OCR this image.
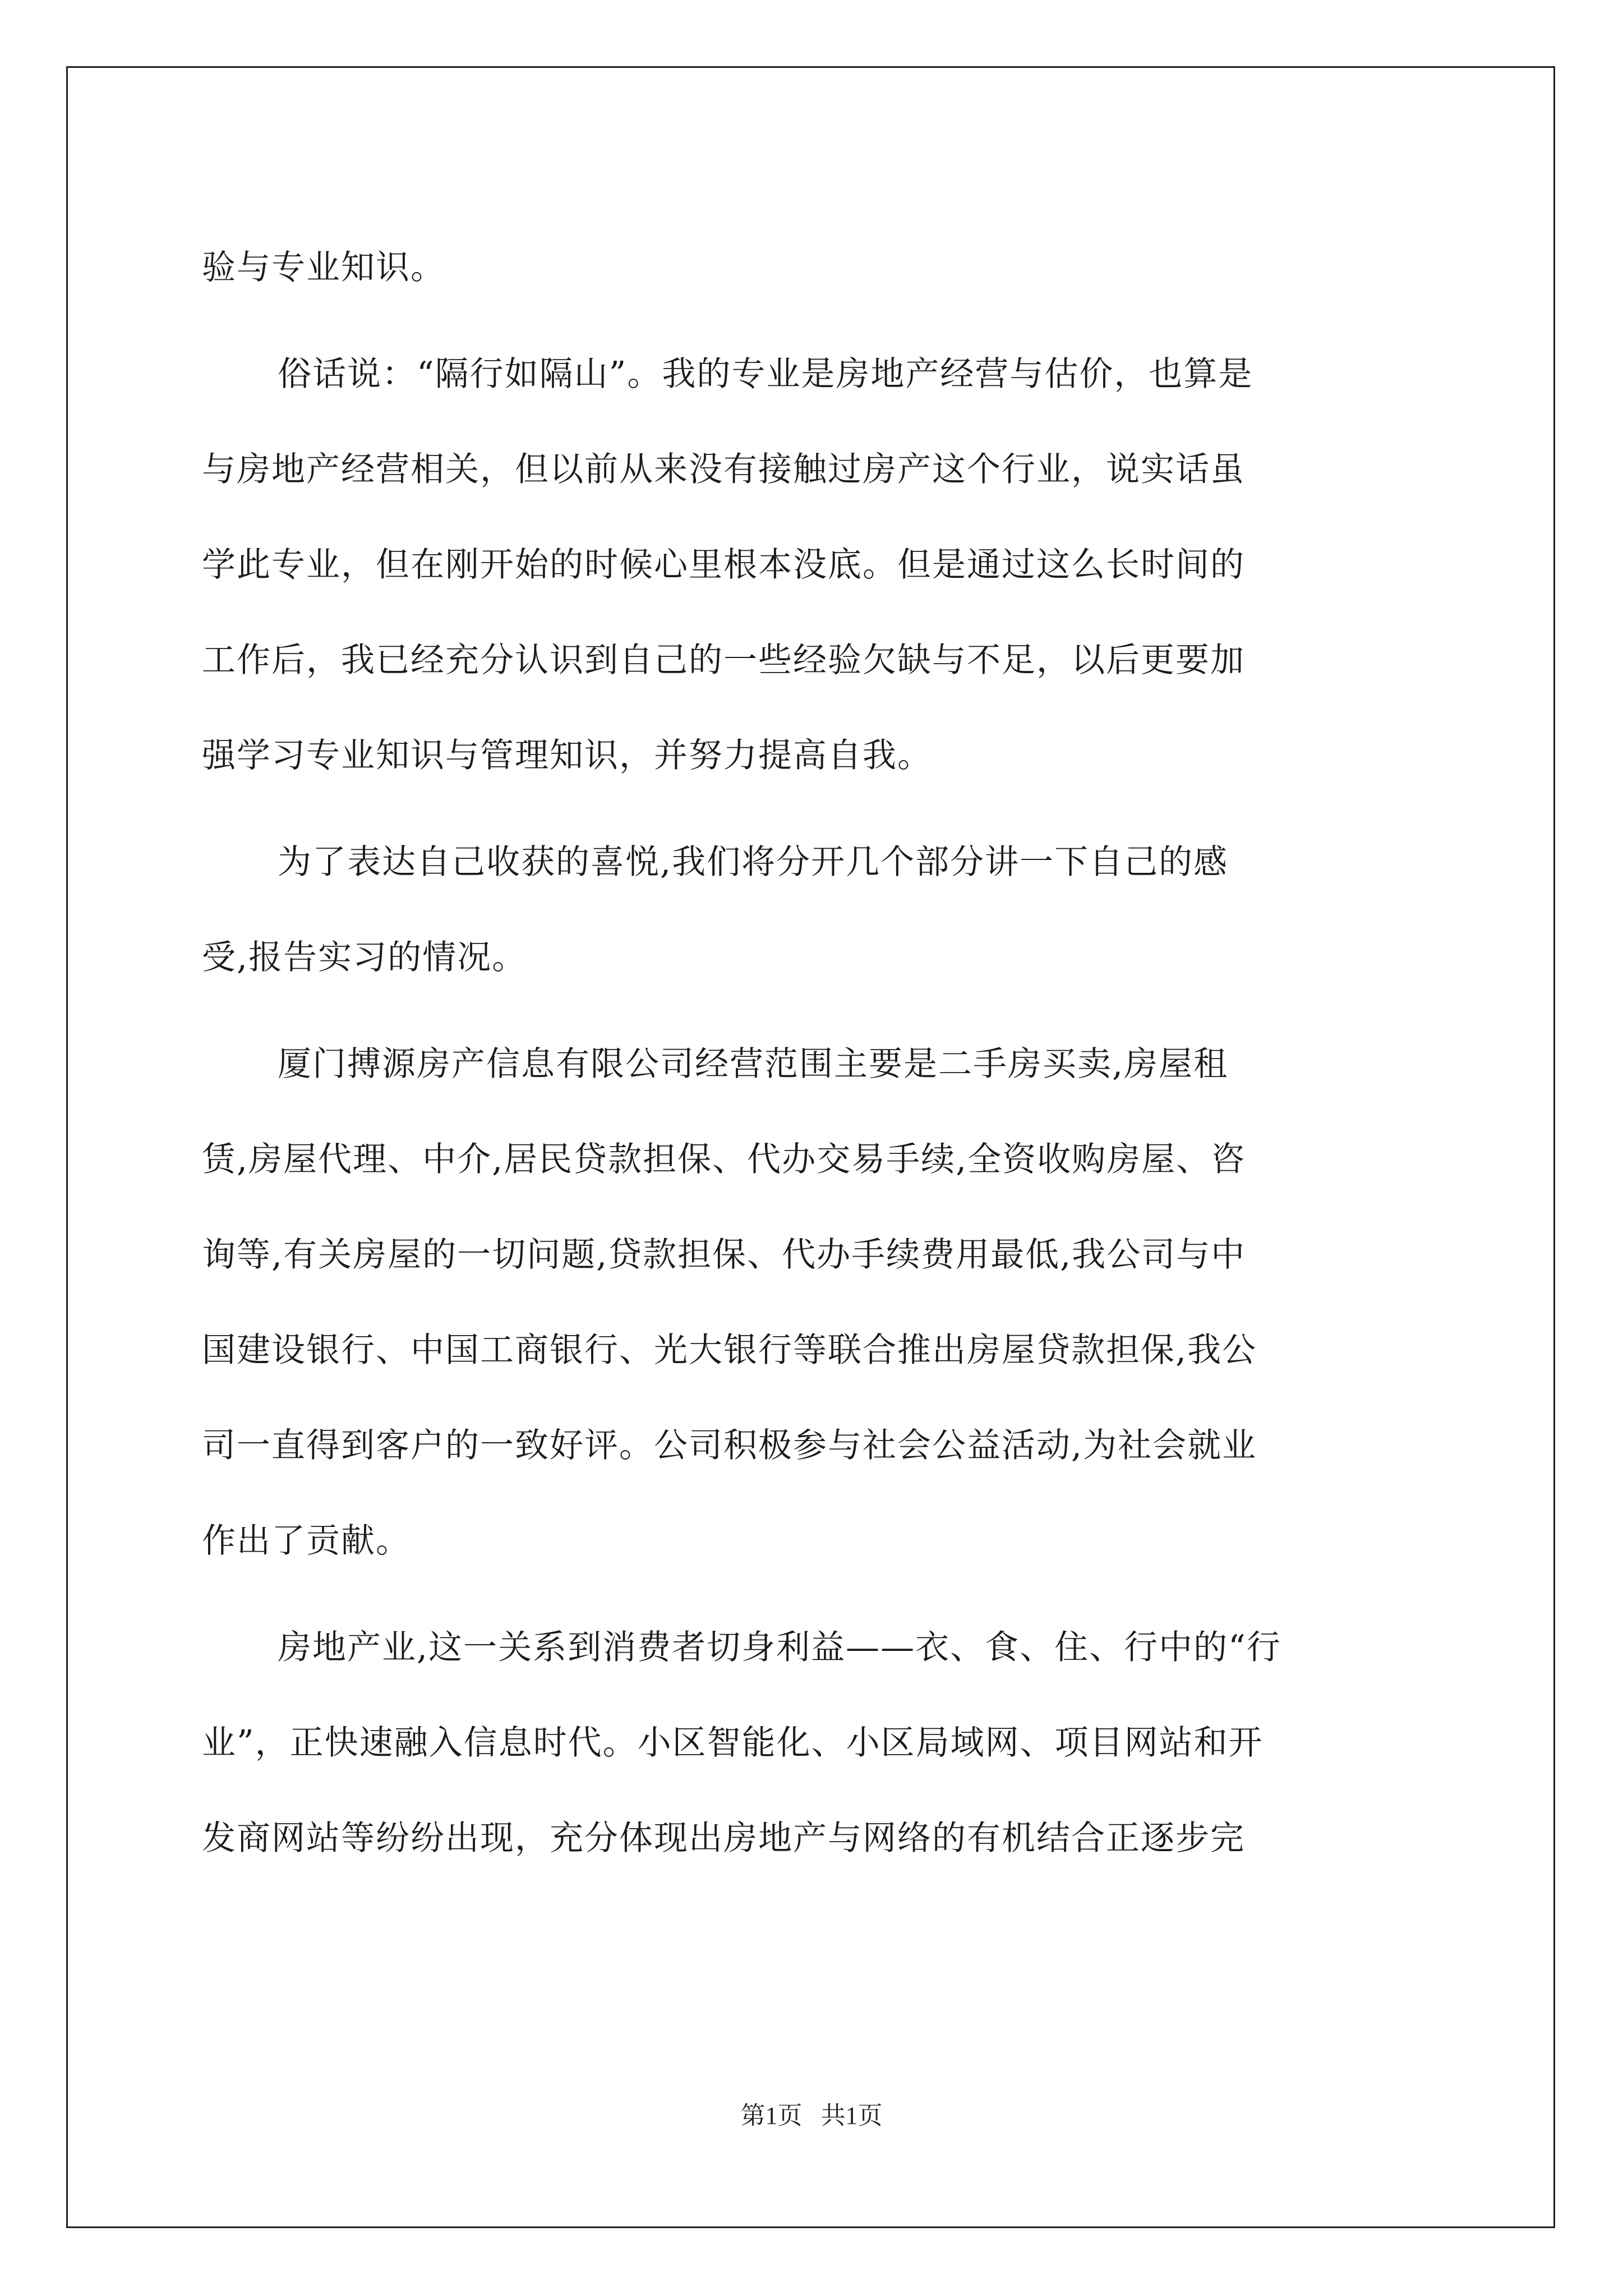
验与专业知识。
俗话说：“隔行如隔山”。我的专业是房地产经营与估价，也算是
与房地产经营相关，但以前从来没有接触过房产这个行业，说实话虽
学此专业，但在刚开始的时候心里根本没底。但是通过这么长时间的
工作后，我已经充分认识到自己的一些经验欠缺与不足，以后更要加
强学习专业知识与管理知识，并努力提高自我。
为了表达自己收获的喜悦,我们将分开几个部分讲一下自己的感
受,报告实习的情况。
厦门搏源房产信息有限公司经营范围主要是二手房买卖,房屋租
赁,房屋代理、中介,居民贷款担保、代办交易手续,全资收购房屋、咨
询等,有关房屋的一切问题,贷款担保、代办手续费用最低,我公司与中
国建设银行、中国工商银行、光大银行等联合推出房屋贷款担保,我公
司一直得到客户的一致好评。公司积极参与社会公益活动,为社会就业
作出了贡献。
房地产业,这一关系到消费者切身利益——衣、食、住、行中的“行
业”，正快速融入信息时代。小区智能化、小区局域网、项目网站和开
发商网站等纷纷出现，充分体现出房地产与网络的有机结合正逐步完
第1页   共1页
